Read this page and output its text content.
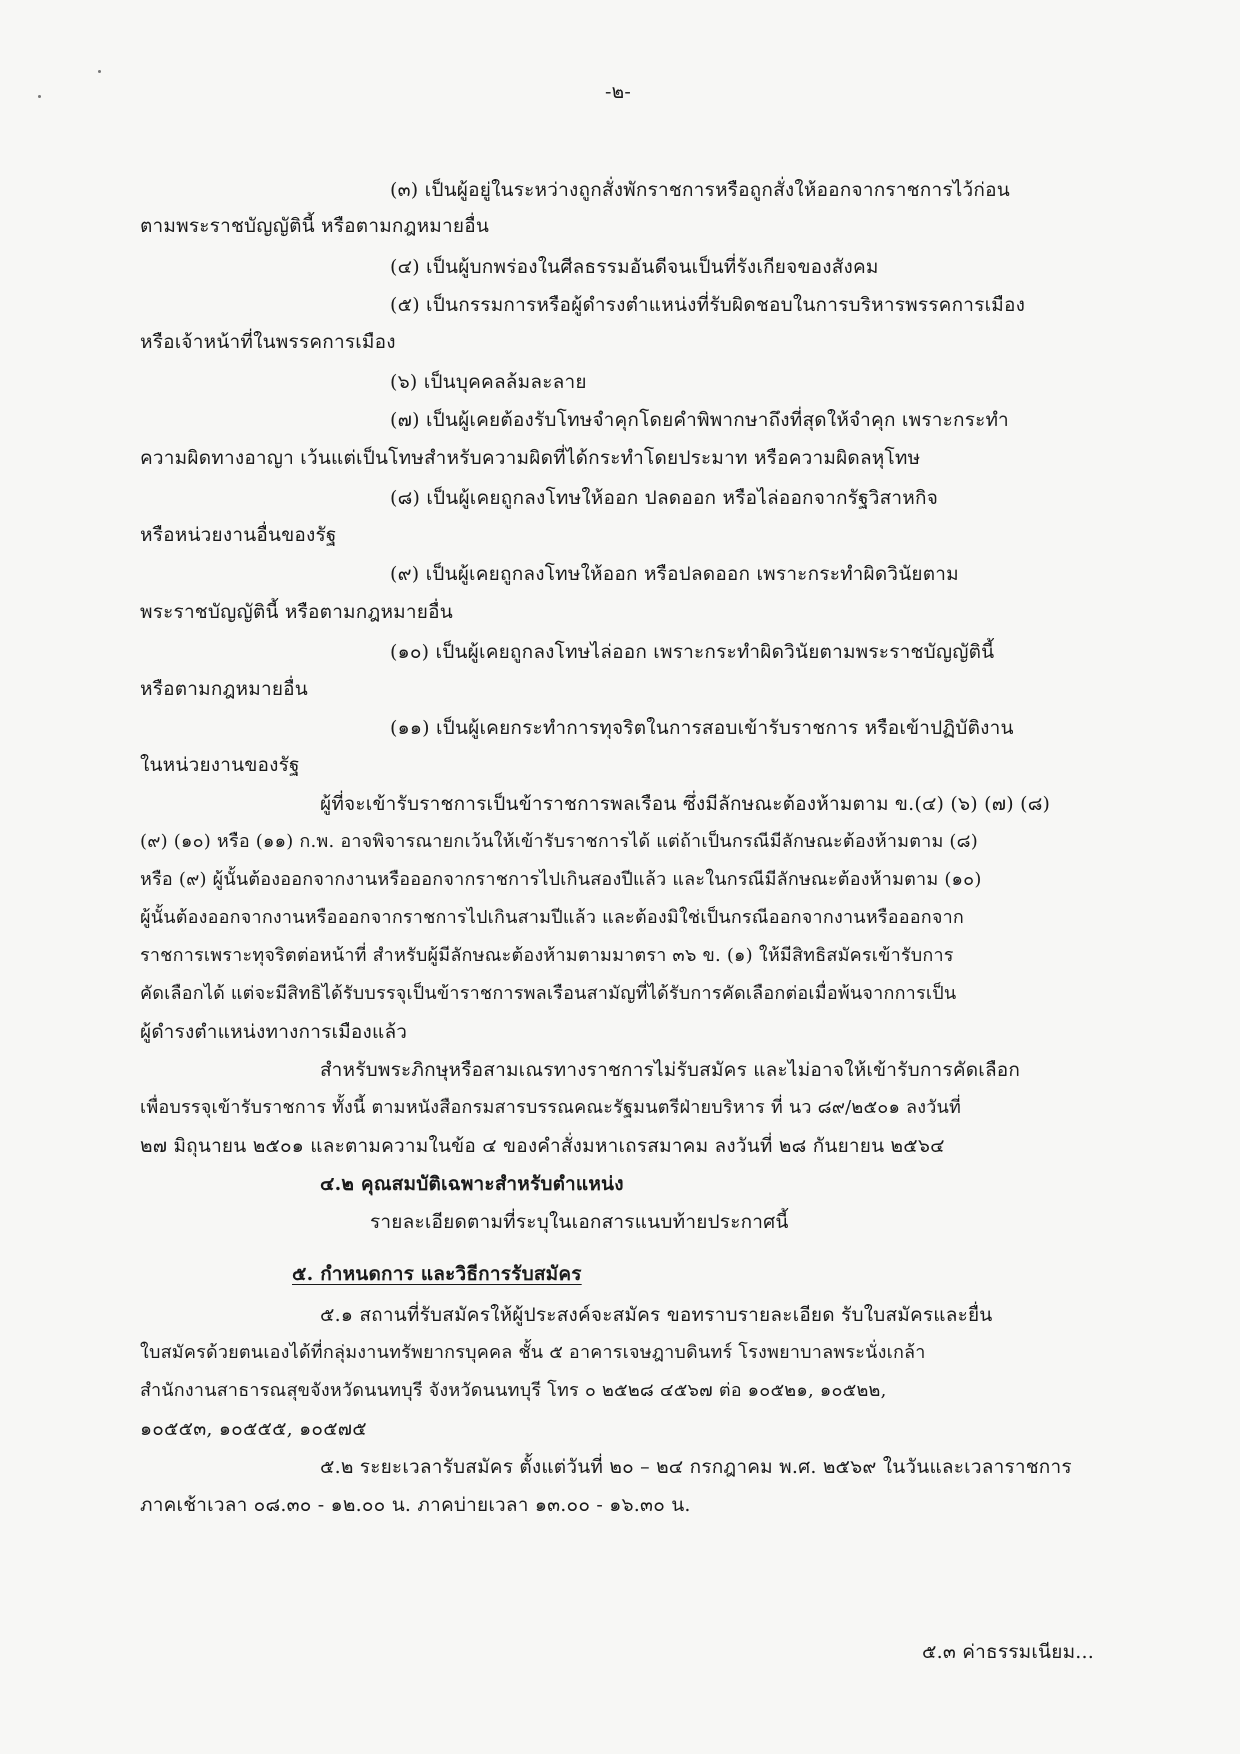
-๒-
(๓) เป็นผู้อยู่ในระหว่างถูกสั่งพักราชการหรือถูกสั่งให้ออกจากราชการไว้ก่อน
ตามพระราชบัญญัตินี้ หรือตามกฎหมายอื่น
(๔) เป็นผู้บกพร่องในศีลธรรมอันดีจนเป็นที่รังเกียจของสังคม
(๕) เป็นกรรมการหรือผู้ดำรงตำแหน่งที่รับผิดชอบในการบริหารพรรคการเมือง
หรือเจ้าหน้าที่ในพรรคการเมือง
(๖) เป็นบุคคลล้มละลาย
(๗) เป็นผู้เคยต้องรับโทษจำคุกโดยคำพิพากษาถึงที่สุดให้จำคุก เพราะกระทำ
ความผิดทางอาญา เว้นแต่เป็นโทษสำหรับความผิดที่ได้กระทำโดยประมาท หรือความผิดลหุโทษ
(๘) เป็นผู้เคยถูกลงโทษให้ออก ปลดออก หรือไล่ออกจากรัฐวิสาหกิจ
หรือหน่วยงานอื่นของรัฐ
(๙) เป็นผู้เคยถูกลงโทษให้ออก หรือปลดออก เพราะกระทำผิดวินัยตาม
พระราชบัญญัตินี้ หรือตามกฎหมายอื่น
(๑๐) เป็นผู้เคยถูกลงโทษไล่ออก เพราะกระทำผิดวินัยตามพระราชบัญญัตินี้
หรือตามกฎหมายอื่น
(๑๑) เป็นผู้เคยกระทำการทุจริตในการสอบเข้ารับราชการ หรือเข้าปฏิบัติงาน
ในหน่วยงานของรัฐ
ผู้ที่จะเข้ารับราชการเป็นข้าราชการพลเรือน ซึ่งมีลักษณะต้องห้ามตาม ข.(๔) (๖) (๗) (๘)
(๙) (๑๐) หรือ (๑๑) ก.พ. อาจพิจารณายกเว้นให้เข้ารับราชการได้ แต่ถ้าเป็นกรณีมีลักษณะต้องห้ามตาม (๘)
หรือ (๙) ผู้นั้นต้องออกจากงานหรือออกจากราชการไปเกินสองปีแล้ว และในกรณีมีลักษณะต้องห้ามตาม (๑๐)
ผู้นั้นต้องออกจากงานหรือออกจากราชการไปเกินสามปีแล้ว และต้องมิใช่เป็นกรณีออกจากงานหรือออกจาก
ราชการเพราะทุจริตต่อหน้าที่ สำหรับผู้มีลักษณะต้องห้ามตามมาตรา ๓๖ ข. (๑) ให้มีสิทธิสมัครเข้ารับการ
คัดเลือกได้ แต่จะมีสิทธิได้รับบรรจุเป็นข้าราชการพลเรือนสามัญที่ได้รับการคัดเลือกต่อเมื่อพ้นจากการเป็น
ผู้ดำรงตำแหน่งทางการเมืองแล้ว
สำหรับพระภิกษุหรือสามเณรทางราชการไม่รับสมัคร และไม่อาจให้เข้ารับการคัดเลือก
เพื่อบรรจุเข้ารับราชการ ทั้งนี้ ตามหนังสือกรมสารบรรณคณะรัฐมนตรีฝ่ายบริหาร ที่ นว ๘๙/๒๕๐๑ ลงวันที่
๒๗ มิถุนายน ๒๕๐๑ และตามความในข้อ ๔ ของคำสั่งมหาเถรสมาคม ลงวันที่ ๒๘ กันยายน ๒๕๖๔
๔.๒ คุณสมบัติเฉพาะสำหรับตำแหน่ง
รายละเอียดตามที่ระบุในเอกสารแนบท้ายประกาศนี้
๕. กำหนดการ และวิธีการรับสมัคร
๕.๑ สถานที่รับสมัครให้ผู้ประสงค์จะสมัคร ขอทราบรายละเอียด รับใบสมัครและยื่น
ใบสมัครด้วยตนเองได้ที่กลุ่มงานทรัพยากรบุคคล ชั้น ๕ อาคารเจษฎาบดินทร์ โรงพยาบาลพระนั่งเกล้า
สำนักงานสาธารณสุขจังหวัดนนทบุรี จังหวัดนนทบุรี โทร ๐ ๒๕๒๘ ๔๕๖๗ ต่อ ๑๐๕๒๑, ๑๐๕๒๒,
๑๐๕๕๓, ๑๐๕๕๕, ๑๐๕๗๕
๕.๒ ระยะเวลารับสมัคร ตั้งแต่วันที่ ๒๐ – ๒๔ กรกฎาคม พ.ศ. ๒๕๖๙ ในวันและเวลาราชการ
ภาคเช้าเวลา ๐๘.๓๐ - ๑๒.๐๐ น. ภาคบ่ายเวลา ๑๓.๐๐ - ๑๖.๓๐ น.
๕.๓ ค่าธรรมเนียม...
